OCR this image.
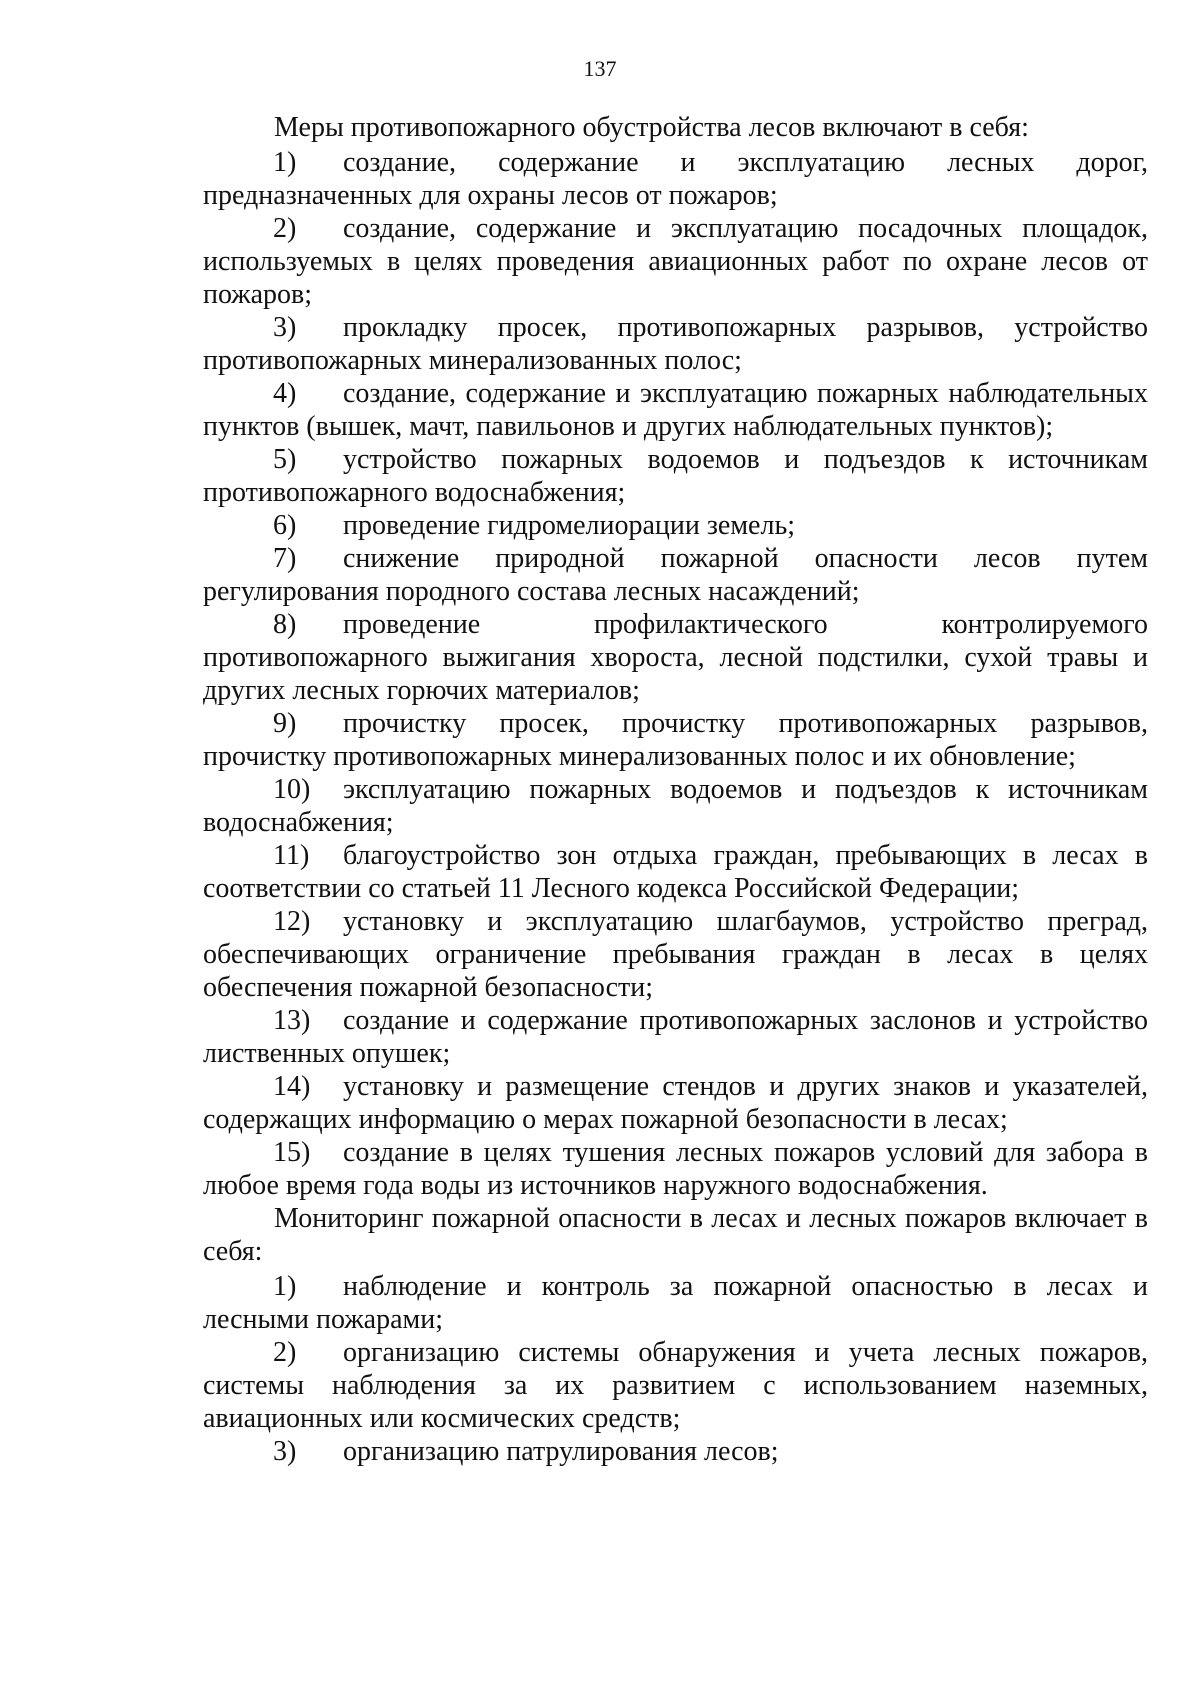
137

Меры противопожарного обустройства лесов включают в себя:

1) создание, содержание и эксплуатацию лесных дорог, предназначенных для охраны лесов от пожаров;

2) создание, содержание и эксплуатацию посадочных площадок, используемых в целях проведения авиационных работ по охране лесов от пожаров;

3) прокладку просек, противопожарных разрывов, устройство противопожарных минерализованных полос;

4) создание, содержание и эксплуатацию пожарных наблюдательных пунктов (вышек, мачт, павильонов и других наблюдательных пунктов);

5) устройство пожарных водоемов и подъездов к источникам противопожарного водоснабжения;

6) проведение гидромелиорации земель;

7) снижение природной пожарной опасности лесов путем регулирования породного состава лесных насаждений;

8) проведение профилактического контролируемого противопожарного выжигания хвороста, лесной подстилки, сухой травы и других лесных горючих материалов;

9) прочистку просек, прочистку противопожарных разрывов, прочистку противопожарных минерализованных полос и их обновление;

10) эксплуатацию пожарных водоемов и подъездов к источникам водоснабжения;

11) благоустройство зон отдыха граждан, пребывающих в лесах в соответствии со статьей 11 Лесного кодекса Российской Федерации;

12) установку и эксплуатацию шлагбаумов, устройство преград, обеспечивающих ограничение пребывания граждан в лесах в целях обеспечения пожарной безопасности;

13) создание и содержание противопожарных заслонов и устройство лиственных опушек;

14) установку и размещение стендов и других знаков и указателей, содержащих информацию о мерах пожарной безопасности в лесах;

15) создание в целях тушения лесных пожаров условий для забора в любое время года воды из источников наружного водоснабжения.

Мониторинг пожарной опасности в лесах и лесных пожаров включает в себя:

1) наблюдение и контроль за пожарной опасностью в лесах и лесными пожарами;

2) организацию системы обнаружения и учета лесных пожаров, системы наблюдения за их развитием с использованием наземных, авиационных или космических средств;

3) организацию патрулирования лесов;
